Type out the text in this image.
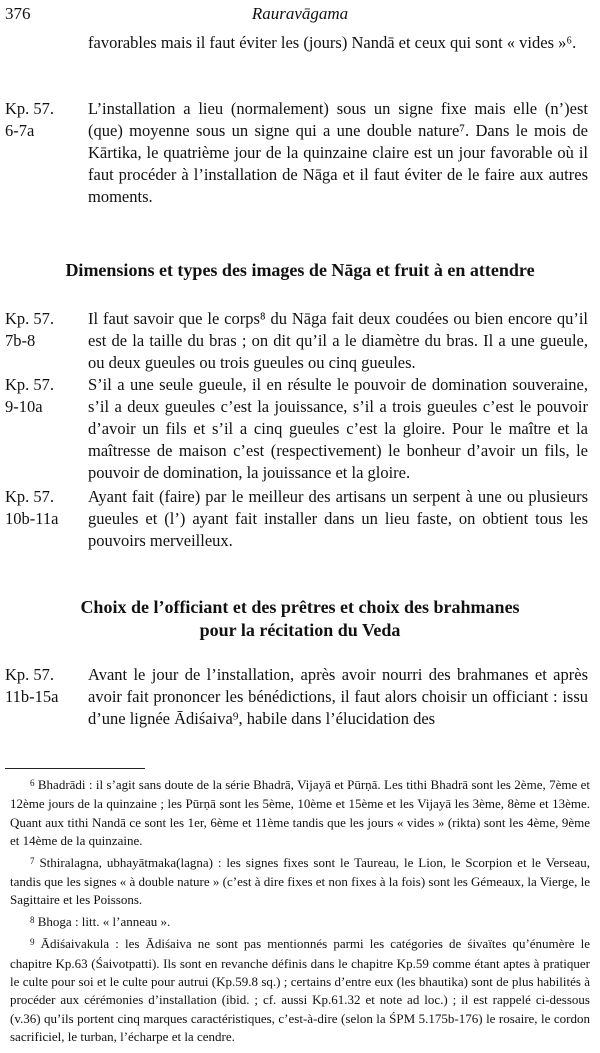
376	Rauravāgama

favorables mais il faut éviter les (jours) Nandā et ceux qui sont « vides »⁶.

Kp. 57.
6-7a

L’installation a lieu (normalement) sous un signe fixe mais elle (n’)est (que) moyenne sous un signe qui a une double nature⁷. Dans le mois de Kārtika, le quatrième jour de la quinzaine claire est un jour favorable où il faut procéder à l’installation de Nāga et il faut éviter de le faire aux autres moments.

Dimensions et types des images de Nāga et fruit à en attendre
Kp. 57.
7b-8

Il faut savoir que le corps⁸ du Nāga fait deux coudées ou bien encore qu’il est de la taille du bras ; on dit qu’il a le diamètre du bras. Il a une gueule, ou deux gueules ou trois gueules ou cinq gueules.

Kp. 57.
9-10a

S’il a une seule gueule, il en résulte le pouvoir de domination souveraine, s’il a deux gueules c’est la jouissance, s’il a trois gueules c’est le pouvoir d’avoir un fils et s’il a cinq gueules c’est la gloire. Pour le maître et la maîtresse de maison c’est (respectivement) le bonheur d’avoir un fils, le pouvoir de domination, la jouissance et la gloire.

Kp. 57.
10b-11a

Ayant fait (faire) par le meilleur des artisans un serpent à une ou plusieurs gueules et (l’) ayant fait installer dans un lieu faste, on obtient tous les pouvoirs merveilleux.

Choix de l’officiant et des prêtres et choix des brahmanes
pour la récitation du Veda
Kp. 57.
11b-15a

Avant le jour de l’installation, après avoir nourri des brahmanes et après avoir fait prononcer les bénédictions, il faut alors choisir un officiant : issu d’une lignée Ādiśaiva⁹, habile dans l’élucidation des

$^6$ Bhadrādi : il s’agit sans doute de la série Bhadrā, Vijayā et Pūrṇā. Les tithi Bhadrā sont les 2ème, 7ème et 12ème jours de la quinzaine ; les Pūrṇā sont les 5ème, 10ème et 15ème et les Vijayā les 3ème, 8ème et 13ème. Quant aux tithi Nandā ce sont les 1er, 6ème et 11ème tandis que les jours « vides » (rikta) sont les 4ème, 9ème et 14ème de la quinzaine.

$^7$ Sthiralagna, ubhayātmaka(lagna) : les signes fixes sont le Taureau, le Lion, le Scorpion et le Verseau, tandis que les signes « à double nature » (c’est à dire fixes et non fixes à la fois) sont les Gémeaux, la Vierge, le Sagittaire et les Poissons.

$^8$ Bhoga : litt. « l’anneau ».

$^9$ Ādiśaivakula : les Ādiśaiva ne sont pas mentionnés parmi les catégories de śivaïtes qu’énumère le chapitre Kp.63 (Śaivotpatti). Ils sont en revanche définis dans le chapitre Kp.59 comme étant aptes à pratiquer le culte pour soi et le culte pour autrui (Kp.59.8 sq.) ; certains d’entre eux (les bhautika) sont de plus habilités à procéder aux cérémonies d’installation (ibid. ; cf. aussi Kp.61.32 et note ad loc.) ; il est rappelé ci-dessous (v.36) qu’ils portent cinq marques caractéristiques, c’est-à-dire (selon la ŚPM 5.175b-176) le rosaire, le cordon sacrificiel, le turban, l’écharpe et la cendre.
